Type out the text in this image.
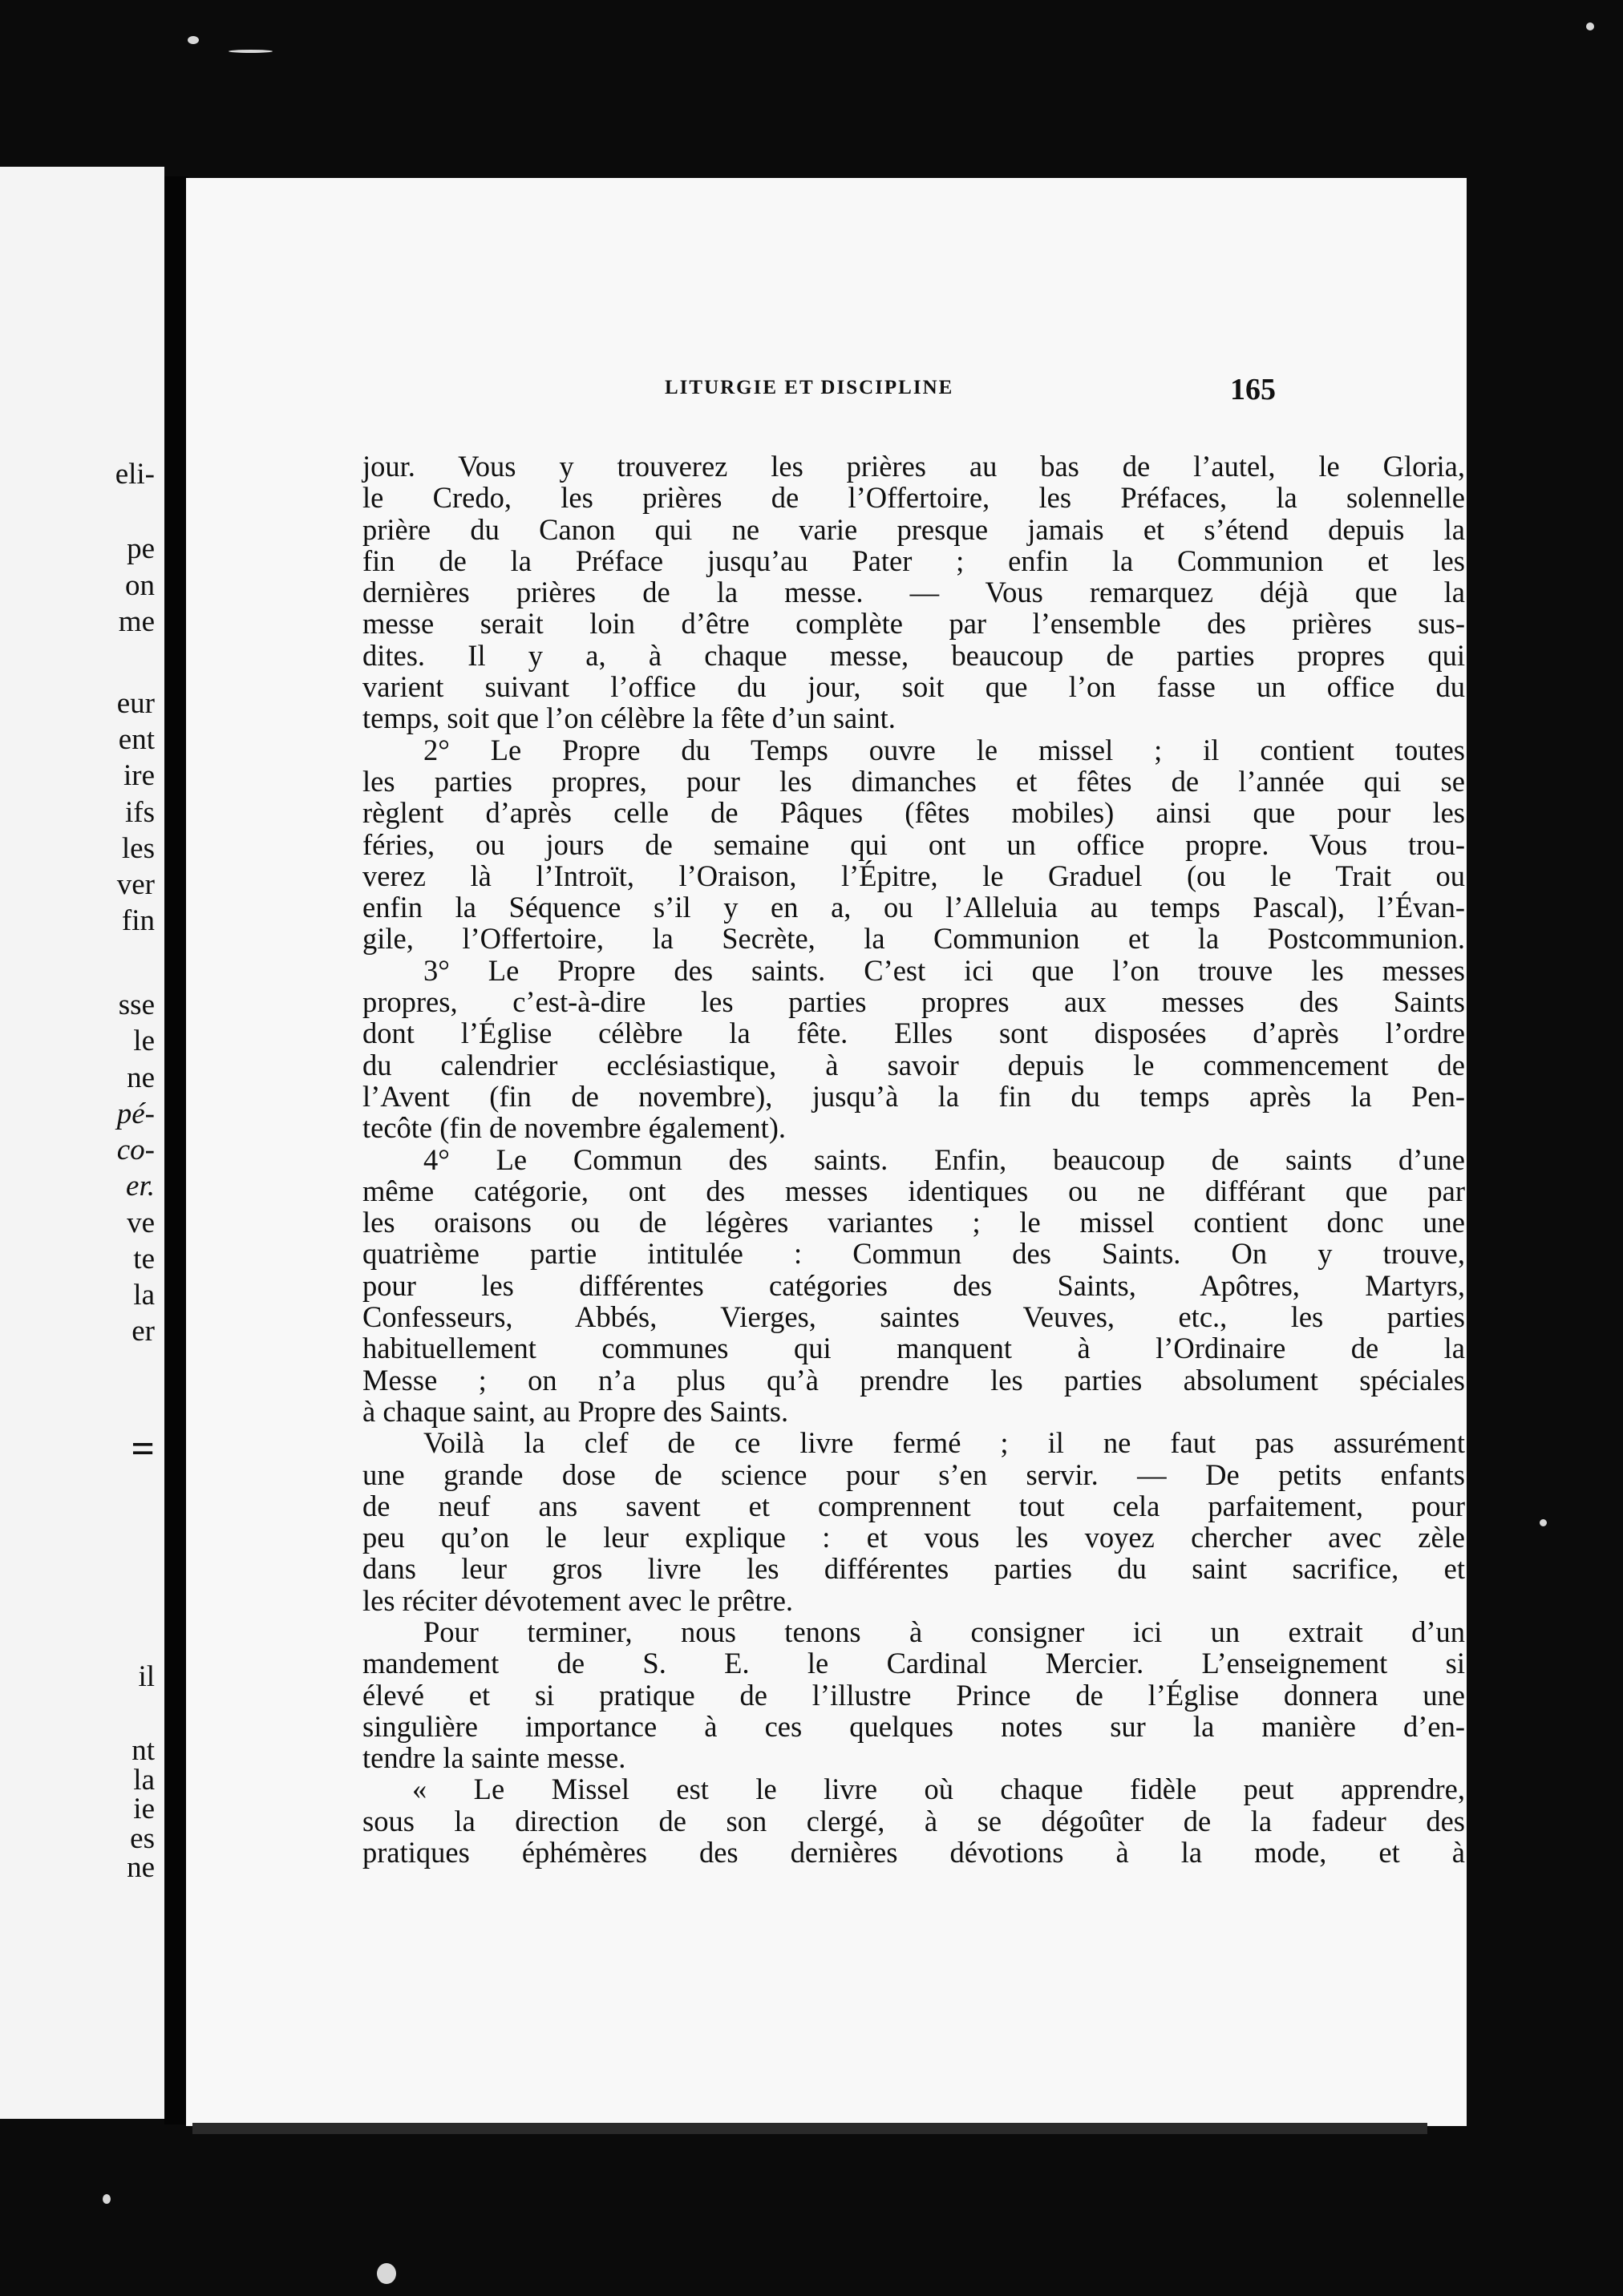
eli-
pe
on
me
eur
ent
ire
ifs
les
ver
fin
sse
le
ne
pé-
co-
er.
ve
te
la
er
=
il
nt
la
ie
es
ne
LITURGIE ET DISCIPLINE	165
jour. Vous y trouverez les prières au bas de l’autel, le Gloria,
le Credo, les prières de l’Offertoire, les Préfaces, la solennelle
prière du Canon qui ne varie presque jamais et s’étend depuis la
fin de la Préface jusqu’au Pater ; enfin la Communion et les
dernières prières de la messe. — Vous remarquez déjà que la
messe serait loin d’être complète par l’ensemble des prières sus-
dites. Il y a, à chaque messe, beaucoup de parties propres qui
varient suivant l’office du jour, soit que l’on fasse un office du
temps, soit que l’on célèbre la fête d’un saint.
2° Le Propre du Temps ouvre le missel ; il contient toutes
les parties propres, pour les dimanches et fêtes de l’année qui se
règlent d’après celle de Pâques (fêtes mobiles) ainsi que pour les
féries, ou jours de semaine qui ont un office propre. Vous trou-
verez là l’Introït, l’Oraison, l’Épitre, le Graduel (ou le Trait ou
enfin la Séquence s’il y en a, ou l’Alleluia au temps Pascal), l’Évan-
gile, l’Offertoire, la Secrète, la Communion et la Postcommunion.
3° Le Propre des saints. C’est ici que l’on trouve les messes
propres, c’est-à-dire les parties propres aux messes des Saints
dont l’Église célèbre la fête. Elles sont disposées d’après l’ordre
du calendrier ecclésiastique, à savoir depuis le commencement de
l’Avent (fin de novembre), jusqu’à la fin du temps après la Pen-
tecôte (fin de novembre également).
4° Le Commun des saints. Enfin, beaucoup de saints d’une
même catégorie, ont des messes identiques ou ne différant que par
les oraisons ou de légères variantes ; le missel contient donc une
quatrième partie intitulée : Commun des Saints. On y trouve,
pour les différentes catégories des Saints, Apôtres, Martyrs,
Confesseurs, Abbés, Vierges, saintes Veuves, etc., les parties
habituellement communes qui manquent à l’Ordinaire de la
Messe ; on n’a plus qu’à prendre les parties absolument spéciales
à chaque saint, au Propre des Saints.
Voilà la clef de ce livre fermé ; il ne faut pas assurément
une grande dose de science pour s’en servir. — De petits enfants
de neuf ans savent et comprennent tout cela parfaitement, pour
peu qu’on le leur explique : et vous les voyez chercher avec zèle
dans leur gros livre les différentes parties du saint sacrifice, et
les réciter dévotement avec le prêtre.
Pour terminer, nous tenons à consigner ici un extrait d’un
mandement de S. E. le Cardinal Mercier. L’enseignement si
élevé et si pratique de l’illustre Prince de l’Église donnera une
singulière importance à ces quelques notes sur la manière d’en-
tendre la sainte messe.
« Le Missel est le livre où chaque fidèle peut apprendre,
sous la direction de son clergé, à se dégoûter de la fadeur des
pratiques éphémères des dernières dévotions à la mode, et à
